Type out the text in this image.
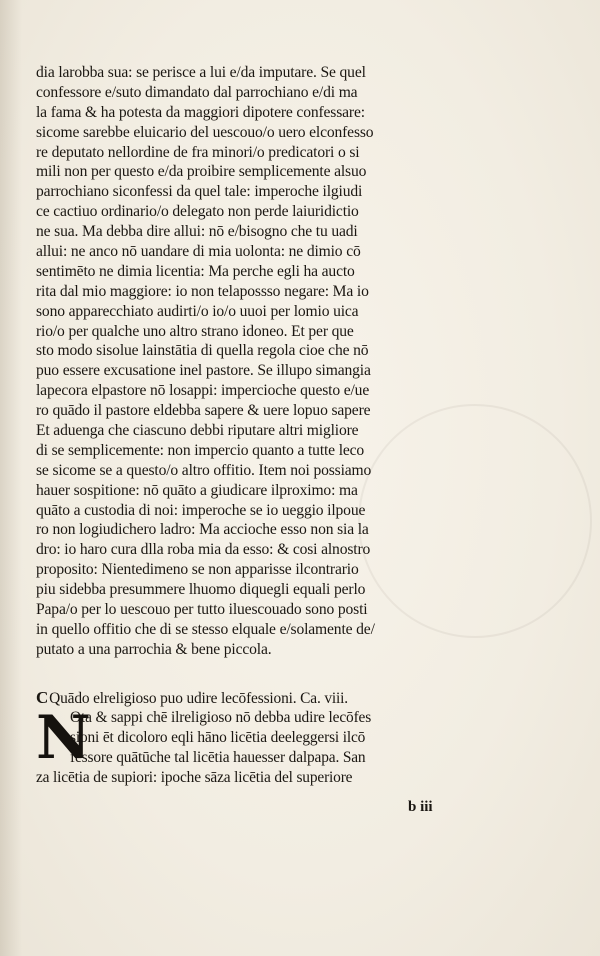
dia larobba sua: se perisce a lui e/da imputare. Se quel
confessore e/suto dimandato dal parrochiano e/di ma
la fama & ha potesta da maggiori dipotere confessare:
sicome sarebbe eluicario del uescouo/o uero elconfesso
re deputato nellordine de fra minori/o predicatori o si
mili non per questo e/da proibire semplicemente alsuo
parrochiano siconfessi da quel tale: imperoche ilgiudi
ce cactiuo ordinario/o delegato non perde laiuridictio
ne sua. Ma debba dire allui: nō e/bisogno che tu uadi
allui: ne anco nō uandare di mia uolonta: ne dimio cō
sentimēto ne dimia licentia: Ma perche egli ha aucto
rita dal mio maggiore: io non telapossso negare: Ma io
sono apparecchiato audirti/o io/o uuoi per lomio uica
rio/o per qualche uno altro strano idoneo. Et per que
sto modo sisolue lainstātia di quella regola cioe che nō
puo essere excusatione inel pastore. Se illupo simangia
lapecora elpastore nō losappi: impercioche questo e/ue
ro quādo il pastore eldebba sapere & uere lopuo sapere
Et aduenga che ciascuno debbi riputare altri migliore
di se semplicemente: non impercio quanto a tutte leco
se sicome se a questo/o altro offitio. Item noi possiamo
hauer sospitione: nō quāto a giudicare ilproximo: ma
quāto a custodia di noi: imperoche se io ueggio ilpoue
ro non logiudichero ladro: Ma accioche esso non sia la
dro: io haro cura dlla roba mia da esso: & cosi alnostro
proposito: Nientedimeno se non apparisse ilcontrario
piu sidebba presummere lhuomo diquegli equali perlo
Papa/o per lo uescouo per tutto iluescouado sono posti
in quello offitio che di se stesso elquale e/solamente de/
putato a una parrochia & bene piccola.
CQuādo elreligioso puo udire lecōfessioni. Ca. viii.
N
Ota & sappi chē ilreligioso nō debba udire lecōfes
sioni ēt dicoloro eqli hāno licētia deeleggersi ilcō
fessore quātūche tal licētia hauesser dalpapa. San
za licētia de supiori: ipoche sāza licētia del superiore
b iii
